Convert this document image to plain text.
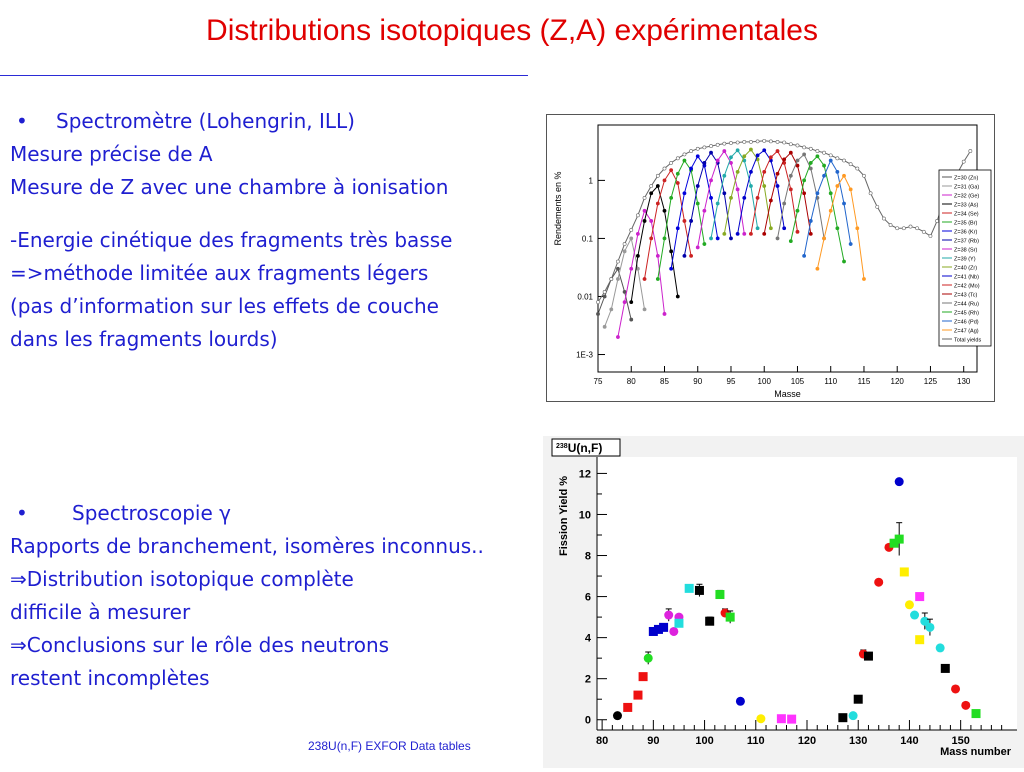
Distributions isotopiques (Z,A) expérimentales
• Spectromètre (Lohengrin, ILL)
Mesure précise de A
Mesure de Z avec une chambre à ionisation
-Energie cinétique des fragments très basse
=>méthode limitée aux fragments légers
(pas d’information sur les effets de couche
dans les fragments lourds)
• Spectroscopie γ
Rapports de branchement, isomères inconnus..
⇒Distribution isotopique complète
difficile à mesurer
⇒Conclusions sur le rôle des neutrons
restent incomplètes
238U(n,F) EXFOR Data tables
75	80	85	90	95	100 105	110	115	120 125 130
1E-3
0.01
0.1
1
Masse
Rendements en %	Z=30 (Zn)
Z=31 (Ga)
Z=32 (Ge)
Z=33 (As)
Z=34 (Se)
Z=35 (Br)
Z=36 (Kr)
Z=37 (Rb)
Z=38 (Sr)
Z=39 (Y)
Z=40 (Zr)
Z=41 (Nb)
Z=42 (Mo)
Z=43 (Tc)
Z=44 (Ru)
Z=45 (Rh)
Z=46 (Pd)
Z=47 (Ag)
Total yields
$^{238}$U(n,F)
0
2
4
6
8
10
12
80	90	100	110	120	130	140	150
Mass number
Fission Yield %
